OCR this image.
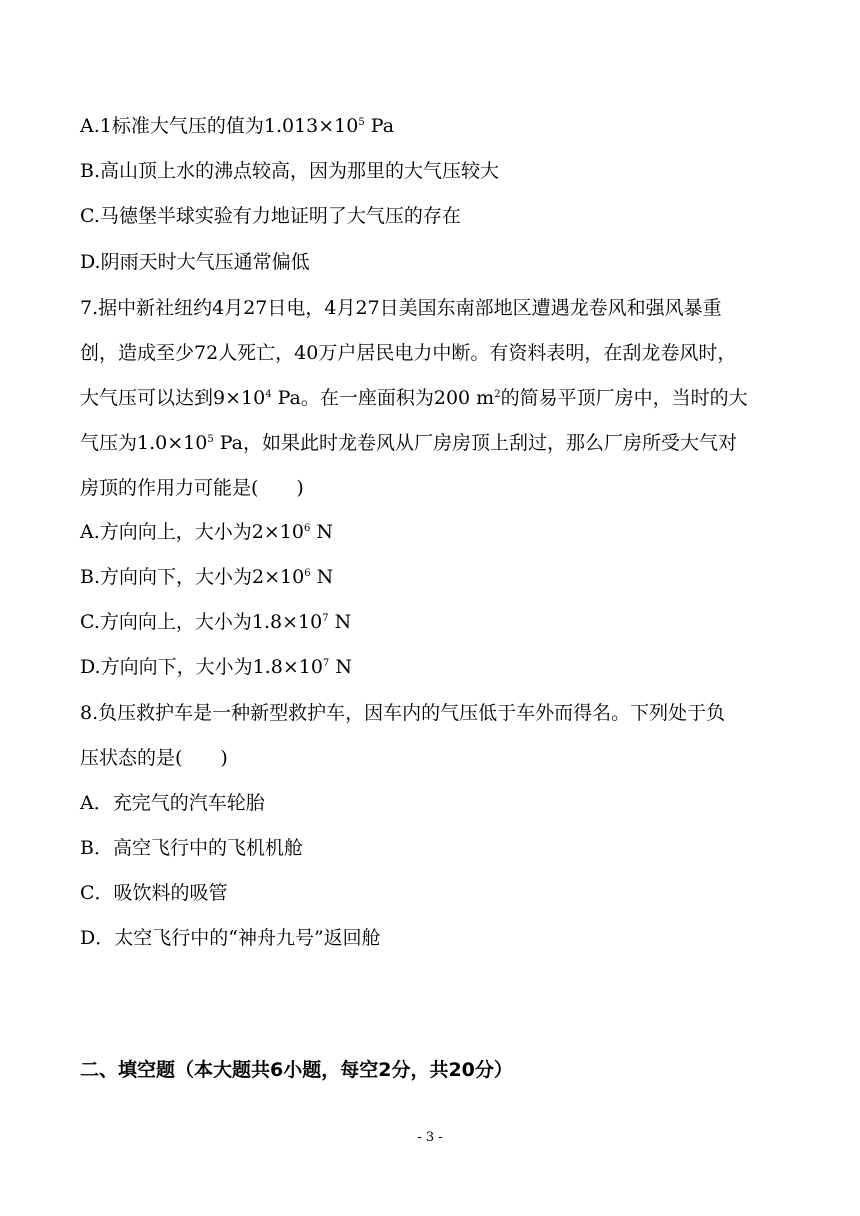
A.1标准大气压的值为$1.013\times 10^5$ Pa
B.高山顶上水的沸点较高，因为那里的大气压较大
C.马德堡半球实验有力地证明了大气压的存在
D.阴雨天时大气压通常偏低
7.据中新社纽约4月27日电，4月27日美国东南部地区遭遇龙卷风和强风暴重
创，造成至少72人死亡，40万户居民电力中断。有资料表明，在刮龙卷风时，
大气压可以达到$9\times 10^4$ Pa。在一座面积为200 $m^2$的简易平顶厂房中，当时的大
气压为$1.0\times 10^5$ Pa，如果此时龙卷风从厂房房顶上刮过，那么厂房所受大气对
房顶的作用力可能是(　　)
A.方向向上，大小为$2\times 10^6$ N
B.方向向下，大小为$2\times 10^6$ N
C.方向向上，大小为$1.8\times 10^7$ N
D.方向向下，大小为$1.8\times 10^7$ N
8.负压救护车是一种新型救护车，因车内的气压低于车外而得名。下列处于负
压状态的是(　　)
A．充完气的汽车轮胎
B．高空飞行中的飞机机舱
C．吸饮料的吸管
D．太空飞行中的“神舟九号”返回舱
二、填空题（本大题共6小题，每空2分，共20分）
- 3 -
